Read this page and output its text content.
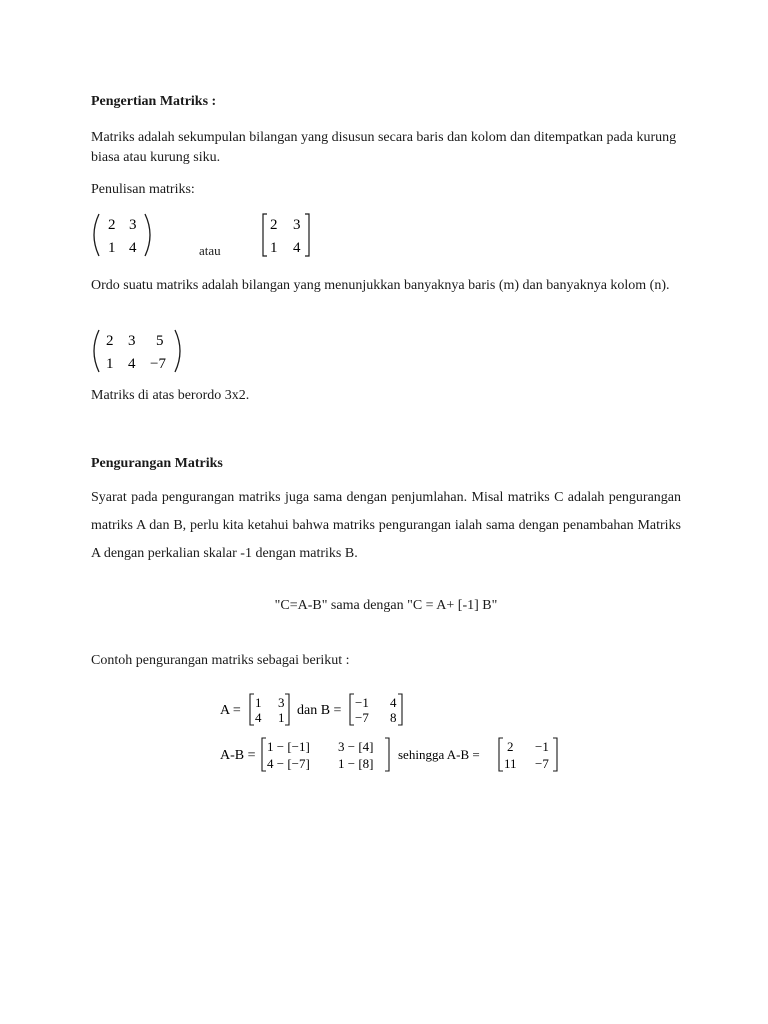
Pengertian Matriks :

Matriks adalah sekumpulan bilangan yang disusun secara baris dan kolom dan ditempatkan pada kurung biasa atau kurung siku.

Penulisan matriks:

2 3
1 4	atau

2 3
1 4

Ordo suatu matriks adalah bilangan yang menunjukkan banyaknya baris (m) dan banyaknya kolom (n).

2 3 5
1 4 −7

Matriks di atas berordo 3x2.

Pengurangan Matriks

Syarat pada pengurangan matriks juga sama dengan penjumlahan. Misal matriks C adalah pengurangan matriks A dan B, perlu kita ketahui bahwa matriks pengurangan ialah sama dengan penambahan Matriks A dengan perkalian skalar -1 dengan matriks B.

"C=A-B" sama dengan "C = A+ [-1] B"

Contoh pengurangan matriks sebagai berikut :

A =
1 3
4 1 dan B =
−1 4
−7 8
A-B =
1 − [−1] 3 − [4]
4 − [−7] 1 − [8]
sehingga A-B =
2 −1
11 −7
